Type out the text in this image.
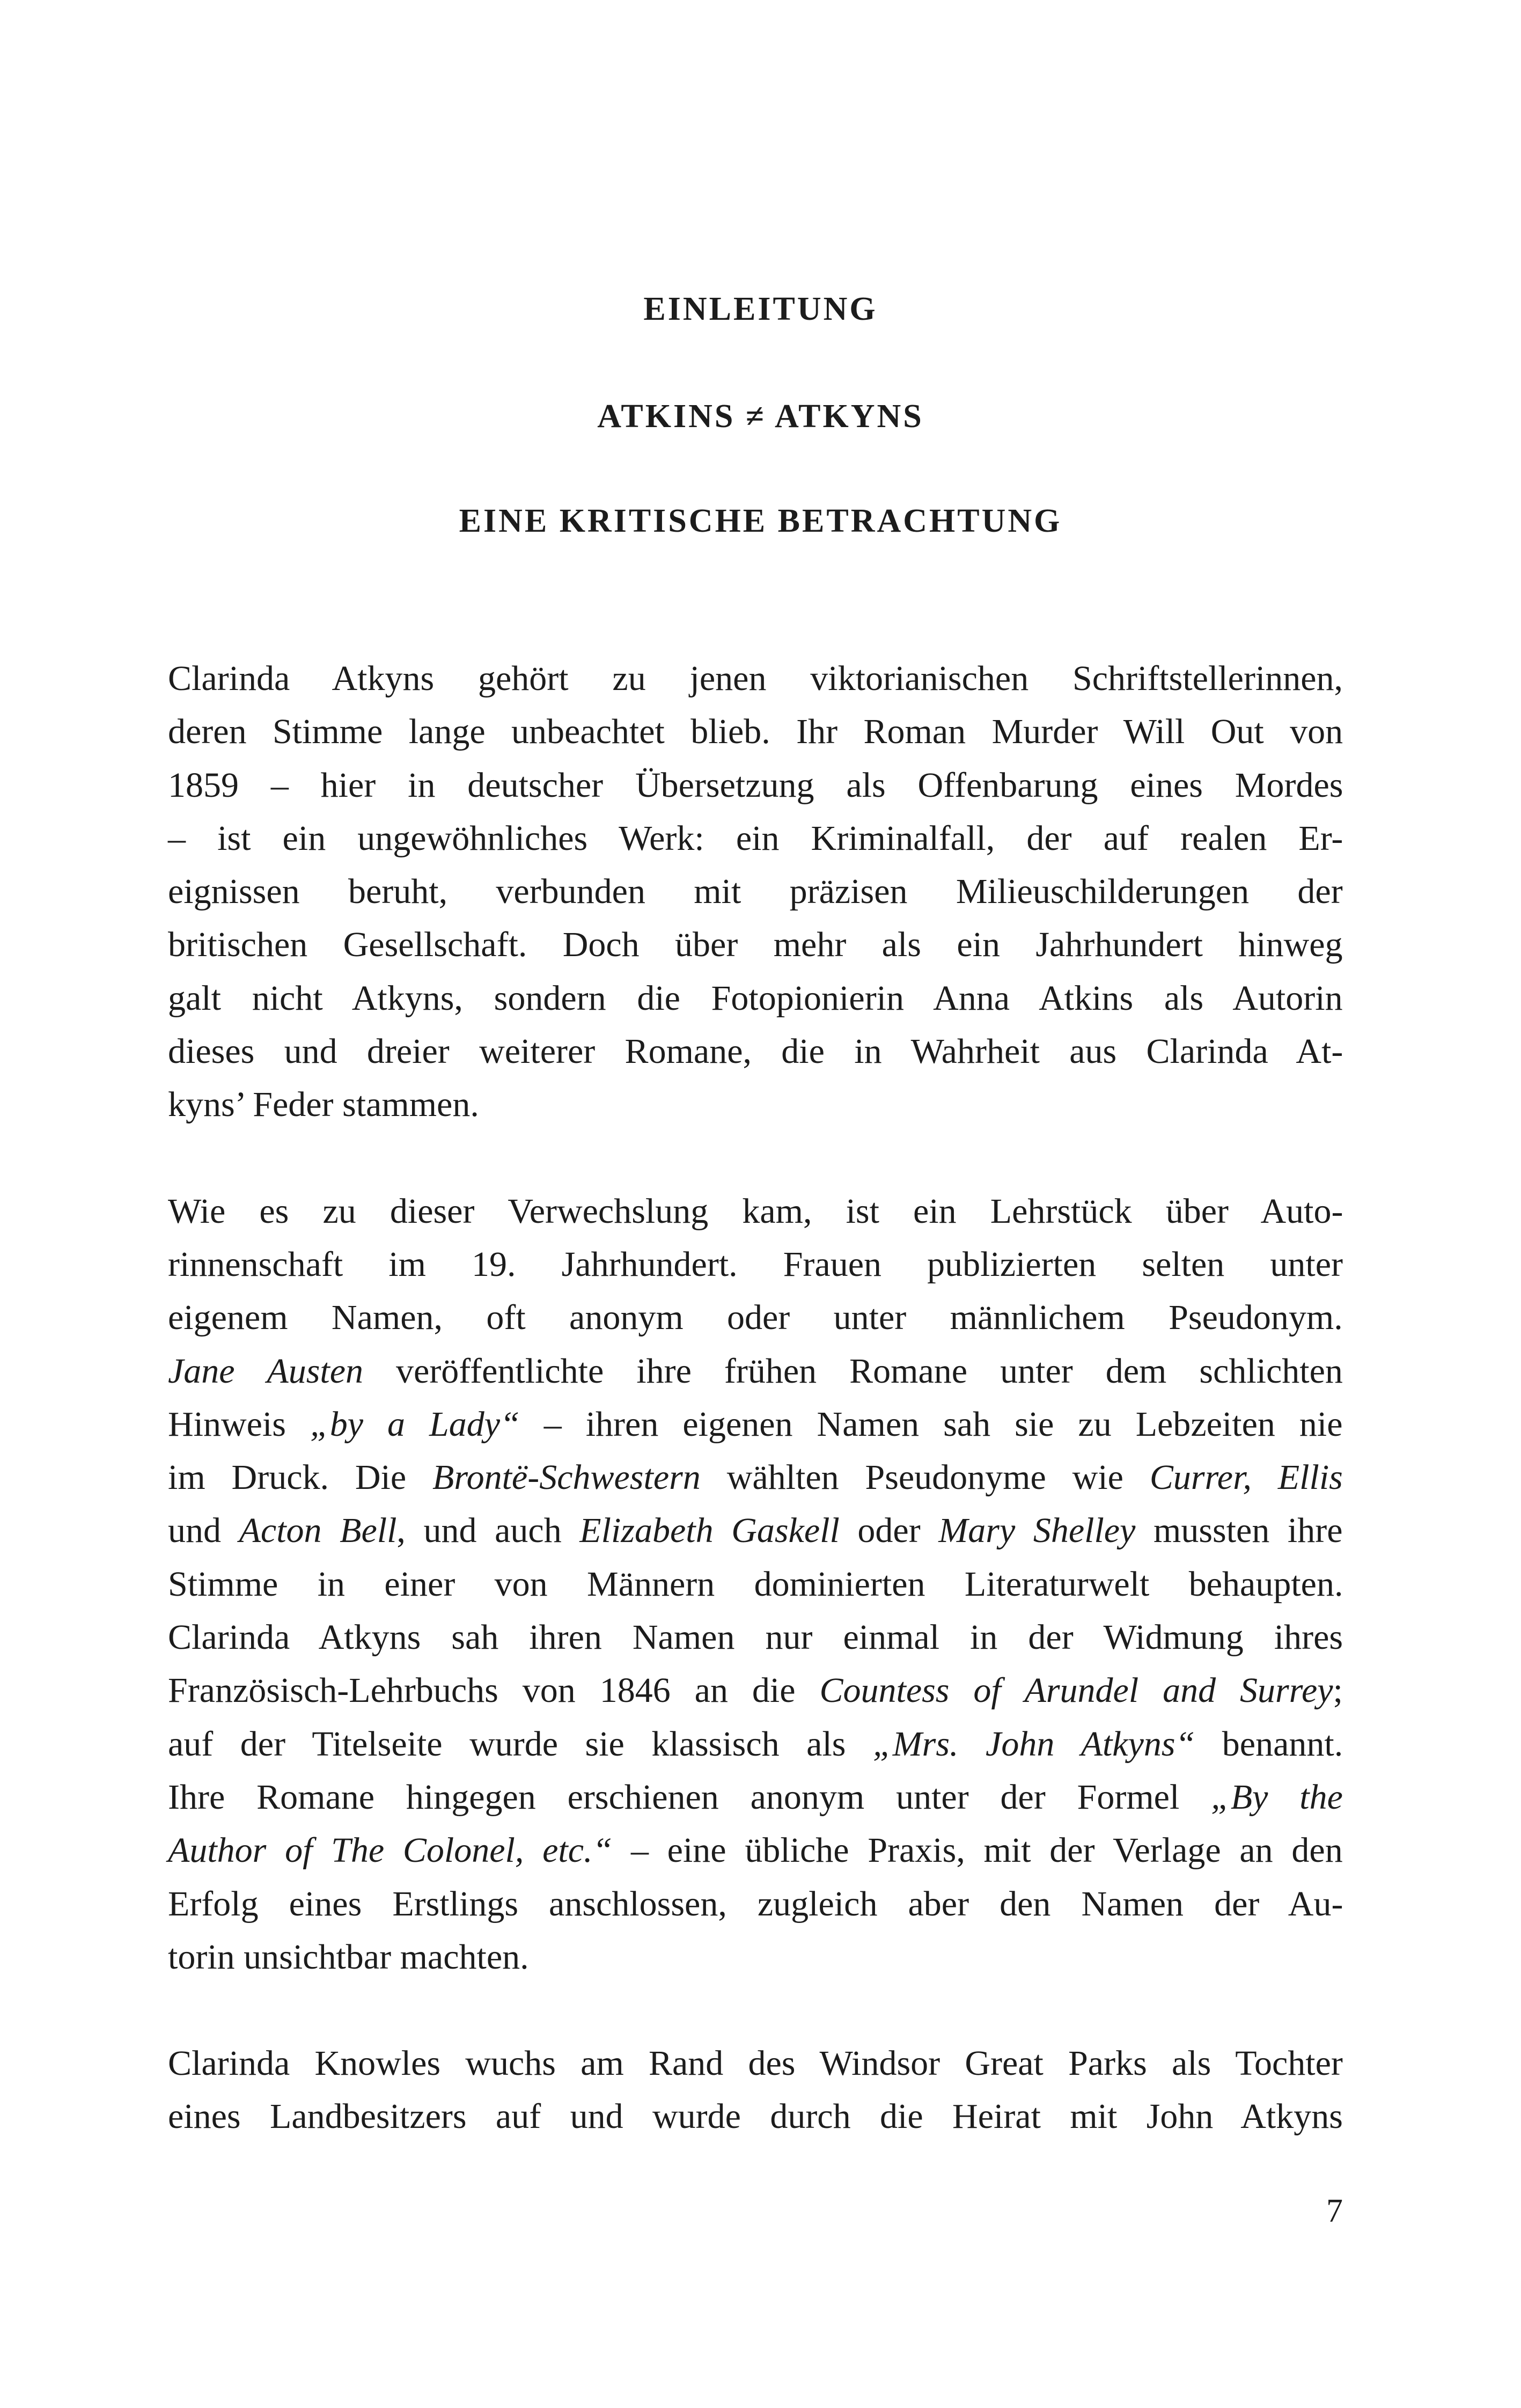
EINLEITUNG
ATKINS ≠ ATKYNS
EINE KRITISCHE BETRACHTUNG

Clarinda Atkyns gehört zu jenen viktorianischen Schriftstellerinnen,
deren Stimme lange unbeachtet blieb. Ihr Roman Murder Will Out von
1859 – hier in deutscher Übersetzung als Offenbarung eines Mordes
– ist ein ungewöhnliches Werk: ein Kriminalfall, der auf realen Er-
eignissen beruht, verbunden mit präzisen Milieuschilderungen der
britischen Gesellschaft. Doch über mehr als ein Jahrhundert hinweg
galt nicht Atkyns, sondern die Fotopionierin Anna Atkins als Autorin
dieses und dreier weiterer Romane, die in Wahrheit aus Clarinda At-
kyns’ Feder stammen.

Wie es zu dieser Verwechslung kam, ist ein Lehrstück über Auto-
rinnenschaft im 19. Jahrhundert. Frauen publizierten selten unter
eigenem Namen, oft anonym oder unter männlichem Pseudonym.
Jane Austen veröffentlichte ihre frühen Romane unter dem schlichten
Hinweis „by a Lady“ – ihren eigenen Namen sah sie zu Lebzeiten nie
im Druck. Die Brontë-Schwestern wählten Pseudonyme wie Currer, Ellis
und Acton Bell, und auch Elizabeth Gaskell oder Mary Shelley mussten ihre
Stimme in einer von Männern dominierten Literaturwelt behaupten.
Clarinda Atkyns sah ihren Namen nur einmal in der Widmung ihres
Französisch-Lehrbuchs von 1846 an die Countess of Arundel and Surrey;
auf der Titelseite wurde sie klassisch als „Mrs. John Atkyns“ benannt.
Ihre Romane hingegen erschienen anonym unter der Formel „By the
Author of The Colonel, etc.“ – eine übliche Praxis, mit der Verlage an den
Erfolg eines Erstlings anschlossen, zugleich aber den Namen der Au-
torin unsichtbar machten.

Clarinda Knowles wuchs am Rand des Windsor Great Parks als Tochter
eines Landbesitzers auf und wurde durch die Heirat mit John Atkyns

7
